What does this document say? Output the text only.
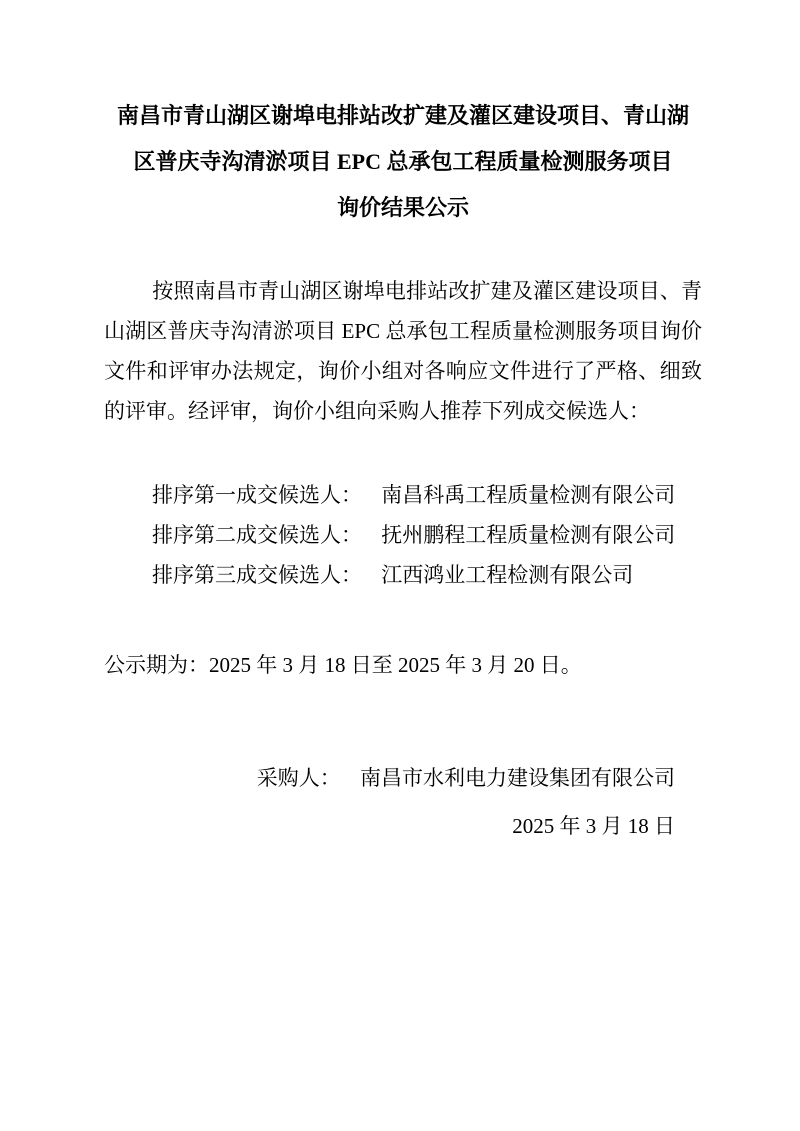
南昌市青山湖区谢埠电排站改扩建及灌区建设项目、青山湖
区普庆寺沟清淤项目 EPC 总承包工程质量检测服务项目
询价结果公示

按照南昌市青山湖区谢埠电排站改扩建及灌区建设项目、青山湖区普庆寺沟清淤项目 EPC 总承包工程质量检测服务项目询价文件和评审办法规定，询价小组对各响应文件进行了严格、细致的评审。经评审，询价小组向采购人推荐下列成交候选人：

排序第一成交候选人： 南昌科禹工程质量检测有限公司
排序第二成交候选人： 抚州鹏程工程质量检测有限公司
排序第三成交候选人： 江西鸿业工程检测有限公司

公示期为：2025 年 3 月 18 日至 2025 年 3 月 20 日。

采购人： 南昌市水利电力建设集团有限公司

2025 年 3 月 18 日
